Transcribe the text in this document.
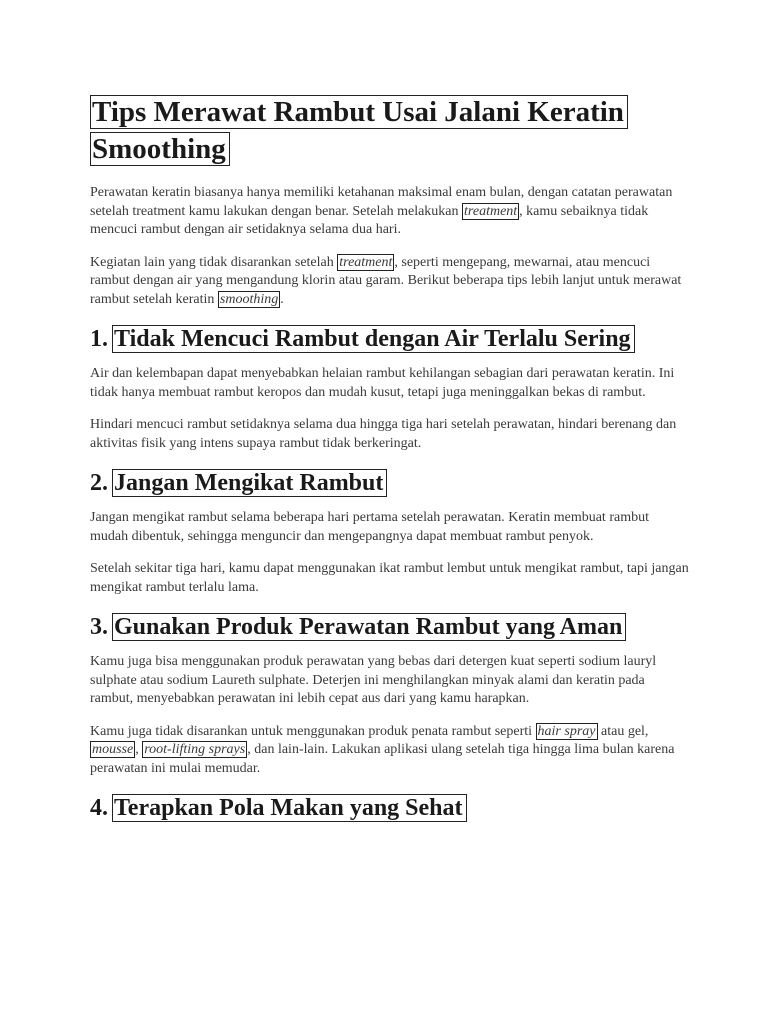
Tips Merawat Rambut Usai Jalani Keratin Smoothing

Perawatan keratin biasanya hanya memiliki ketahanan maksimal enam bulan, dengan catatan perawatan setelah treatment kamu lakukan dengan benar. Setelah melakukan treatment , kamu sebaiknya tidak mencuci rambut dengan air setidaknya selama dua hari.

Kegiatan lain yang tidak disarankan setelah treatment , seperti mengepang, mewarnai, atau mencuci rambut dengan air yang mengandung klorin atau garam. Berikut beberapa tips lebih lanjut untuk merawat rambut setelah keratin smoothing .

1. Tidak Mencuci Rambut dengan Air Terlalu Sering

Air dan kelembapan dapat menyebabkan helaian rambut kehilangan sebagian dari perawatan keratin. Ini tidak hanya membuat rambut keropos dan mudah kusut, tetapi juga meninggalkan bekas di rambut.

Hindari mencuci rambut setidaknya selama dua hingga tiga hari setelah perawatan, hindari berenang dan aktivitas fisik yang intens supaya rambut tidak berkeringat.

2. Jangan Mengikat Rambut

Jangan mengikat rambut selama beberapa hari pertama setelah perawatan. Keratin membuat rambut mudah dibentuk, sehingga menguncir dan mengepangnya dapat membuat rambut penyok.

Setelah sekitar tiga hari, kamu dapat menggunakan ikat rambut lembut untuk mengikat rambut, tapi jangan mengikat rambut terlalu lama.

3. Gunakan Produk Perawatan Rambut yang Aman

Kamu juga bisa menggunakan produk perawatan yang bebas dari detergen kuat seperti sodium lauryl sulphate atau sodium Laureth sulphate. Deterjen ini menghilangkan minyak alami dan keratin pada rambut, menyebabkan perawatan ini lebih cepat aus dari yang kamu harapkan.

Kamu juga tidak disarankan untuk menggunakan produk penata rambut seperti hair spray atau gel, mousse , root-lifting sprays , dan lain-lain. Lakukan aplikasi ulang setelah tiga hingga lima bulan karena perawatan ini mulai memudar.

4. Terapkan Pola Makan yang Sehat
